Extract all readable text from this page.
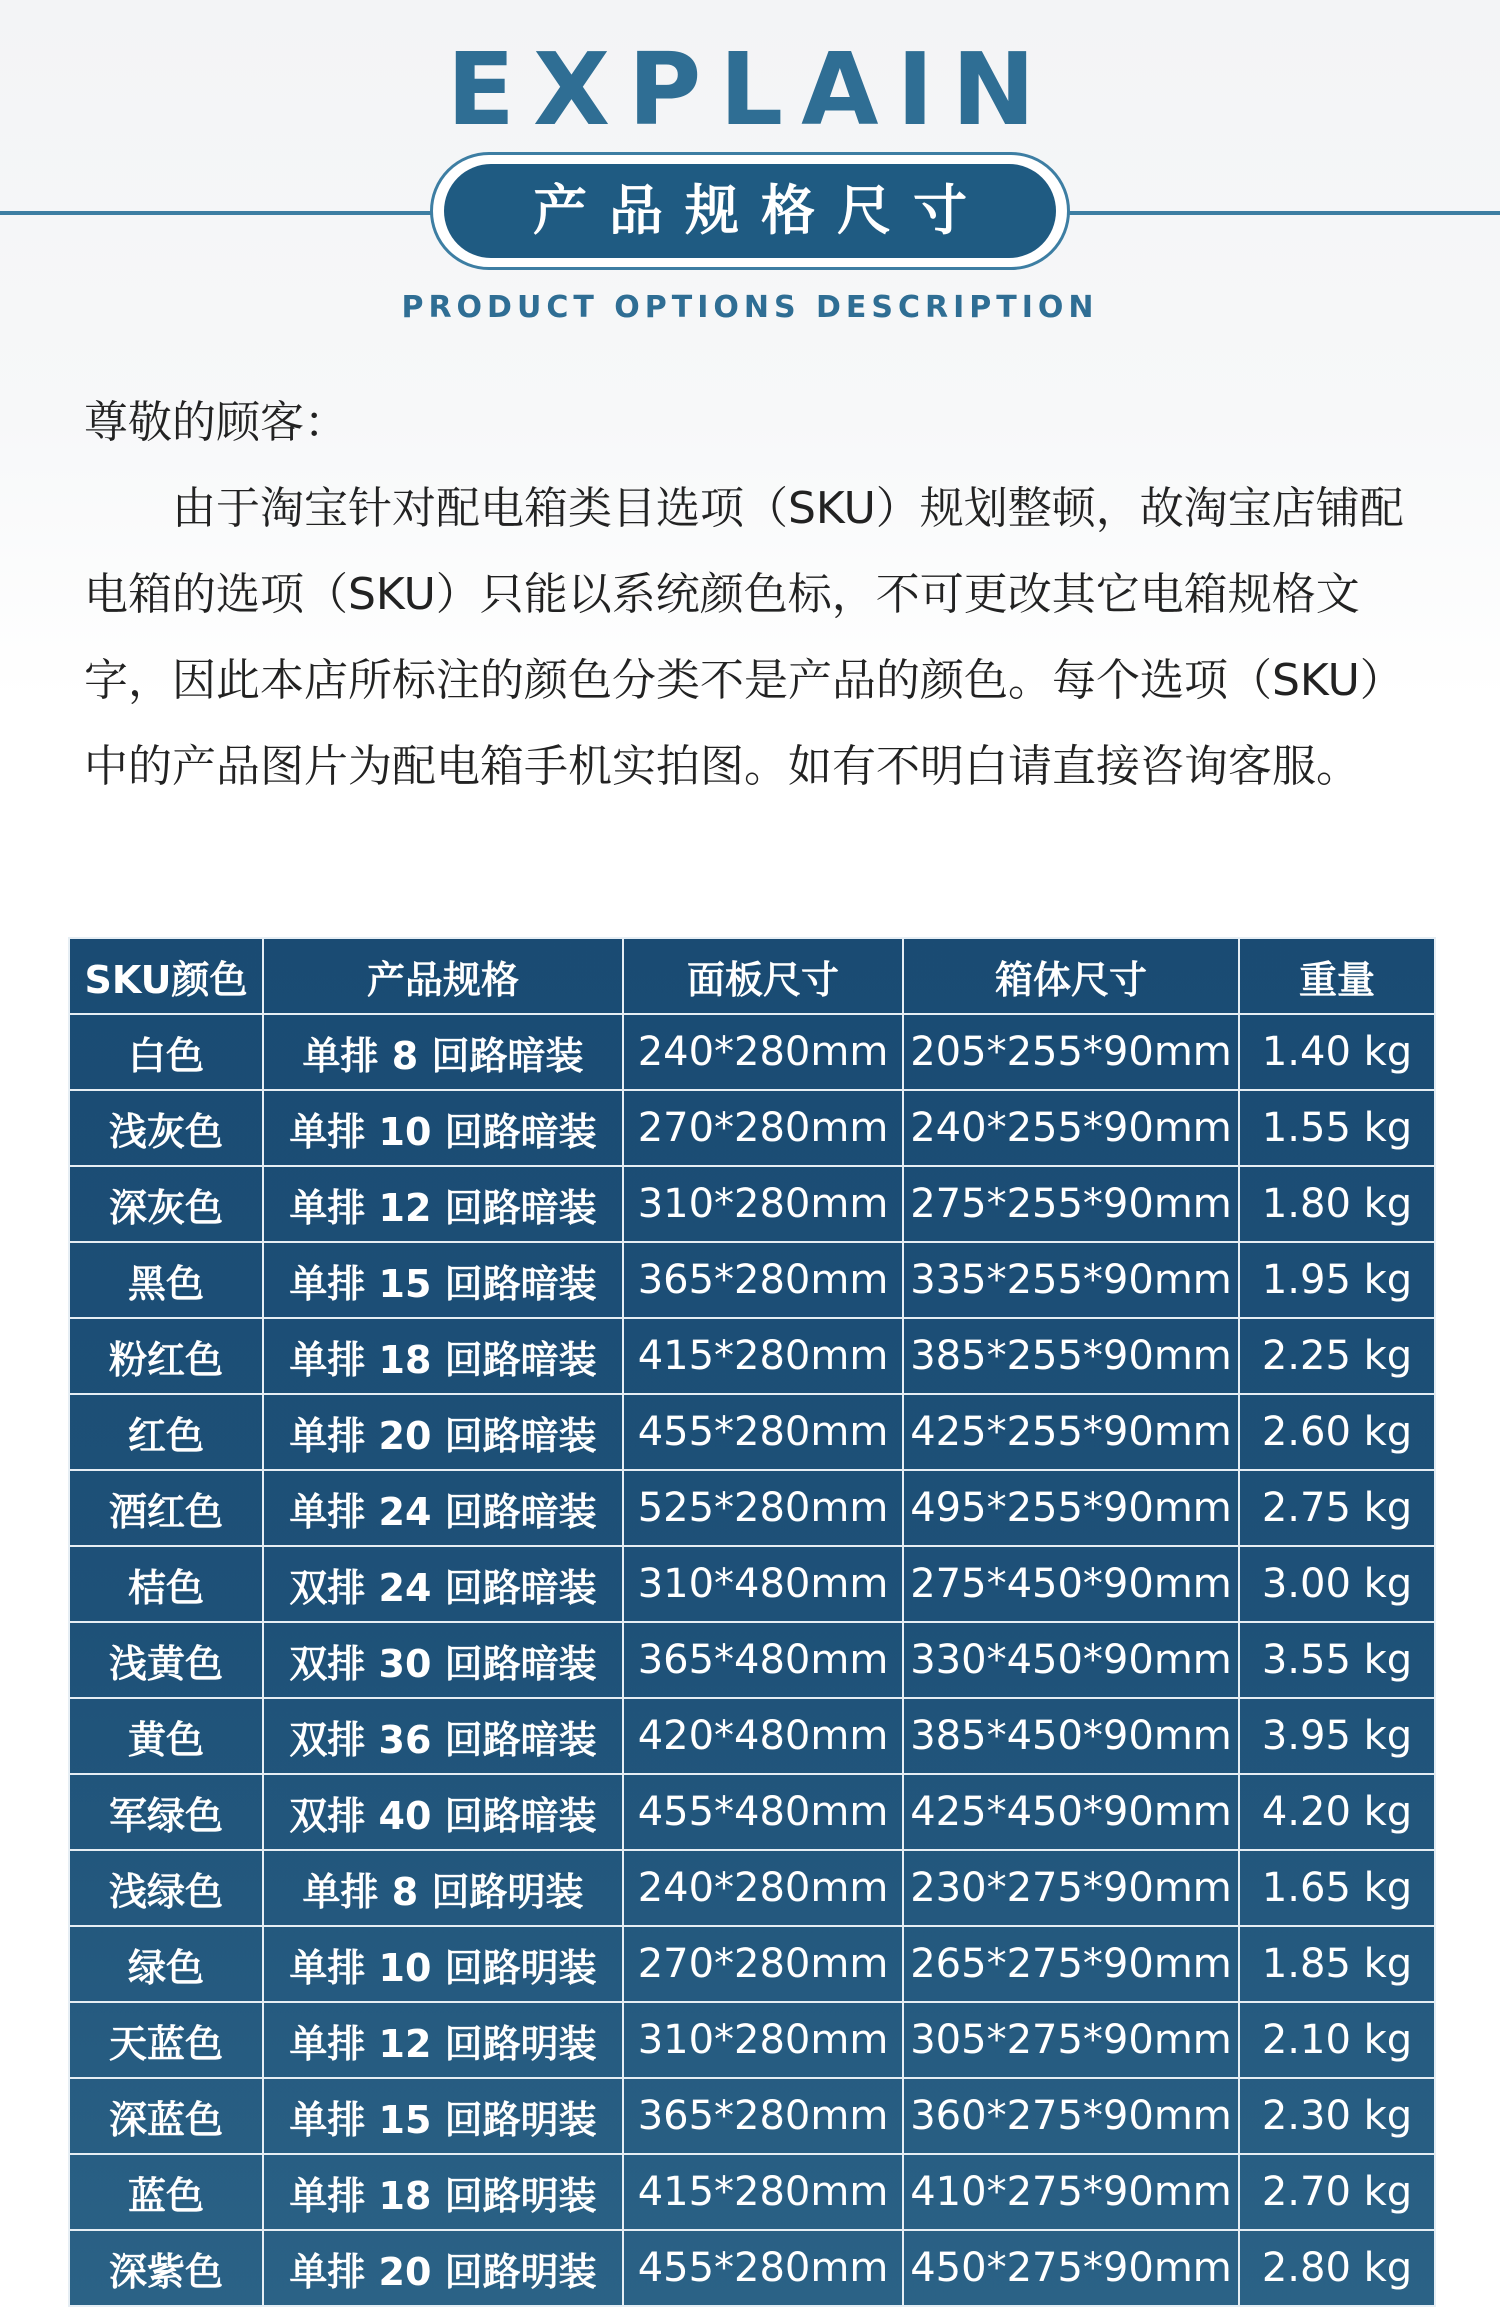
EXPLAIN
产品规格尺寸
PRODUCT OPTIONS DESCRIPTION

尊敬的顾客：

由于淘宝针对配电箱类目选项（SKU）规划整顿，故淘宝店铺配电箱的选项（SKU）只能以系统颜色标，不可更改其它电箱规格文字，因此本店所标注的颜色分类不是产品的颜色。每个选项（SKU）中的产品图片为配电箱手机实拍图。如有不明白请直接咨询客服。

SKU颜色	产品规格	面板尺寸	箱体尺寸	重量
白色	单排 8 回路暗装	240*280mm	205*255*90mm	1.40 kg
浅灰色	单排 10 回路暗装	270*280mm	240*255*90mm	1.55 kg
深灰色	单排 12 回路暗装	310*280mm	275*255*90mm	1.80 kg
黑色	单排 15 回路暗装	365*280mm	335*255*90mm	1.95 kg
粉红色	单排 18 回路暗装	415*280mm	385*255*90mm	2.25 kg
红色	单排 20 回路暗装	455*280mm	425*255*90mm	2.60 kg
酒红色	单排 24 回路暗装	525*280mm	495*255*90mm	2.75 kg
桔色	双排 24 回路暗装	310*480mm	275*450*90mm	3.00 kg
浅黄色	双排 30 回路暗装	365*480mm	330*450*90mm	3.55 kg
黄色	双排 36 回路暗装	420*480mm	385*450*90mm	3.95 kg
军绿色	双排 40 回路暗装	455*480mm	425*450*90mm	4.20 kg
浅绿色	单排 8 回路明装	240*280mm	230*275*90mm	1.65 kg
绿色	单排 10 回路明装	270*280mm	265*275*90mm	1.85 kg
天蓝色	单排 12 回路明装	310*280mm	305*275*90mm	2.10 kg
深蓝色	单排 15 回路明装	365*280mm	360*275*90mm	2.30 kg
蓝色	单排 18 回路明装	415*280mm	410*275*90mm	2.70 kg
深紫色	单排 20 回路明装	455*280mm	450*275*90mm	2.80 kg
